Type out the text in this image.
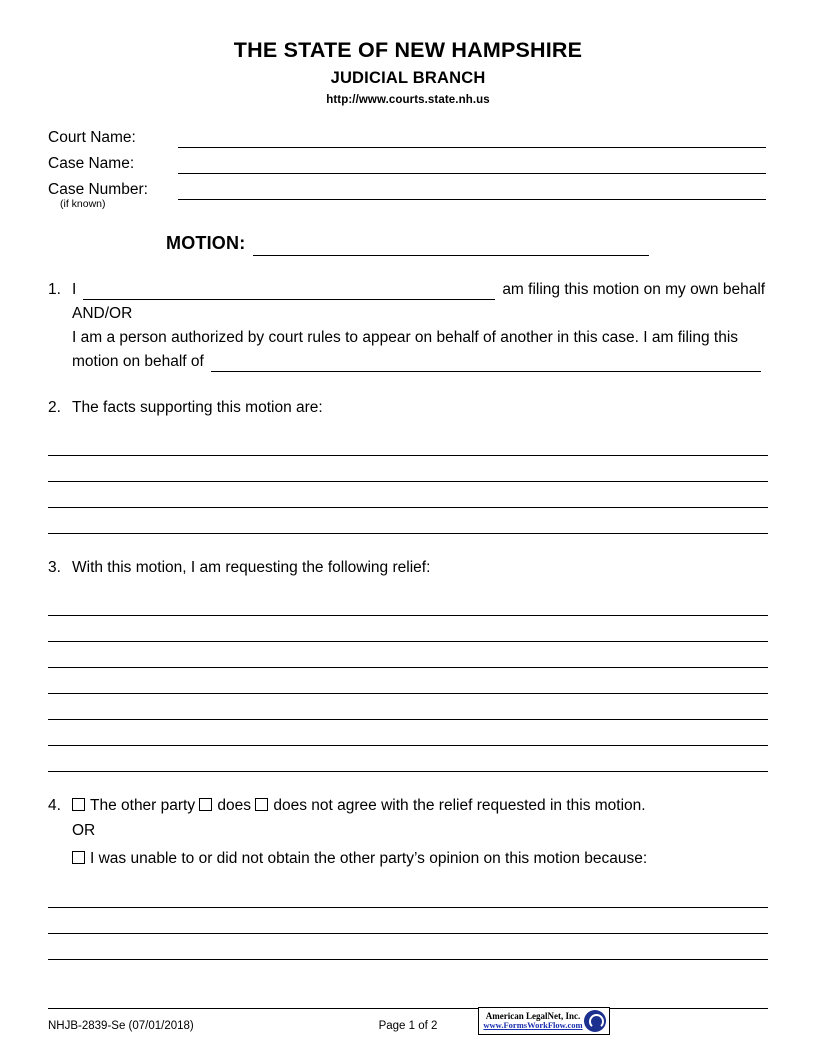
THE STATE OF NEW HAMPSHIRE
JUDICIAL BRANCH
http://www.courts.state.nh.us
Court Name:
Case Name:
Case Number:
(if known)
MOTION:
1. I	am filing this motion on my own behalf
AND/OR
I am a person authorized by court rules to appear on behalf of another in this case. I am filing this
motion on behalf of
2. The facts supporting this motion are:
3. With this motion, I am requesting the following relief:
4.	The other party does does not agree with the relief requested in this motion.
OR
I was unable to or did not obtain the other party’s opinion on this motion because:
NHJB-2839-Se (07/01/2018)	Page 1 of 2
American LegalNet, Inc.
www.FormsWorkFlow.com
